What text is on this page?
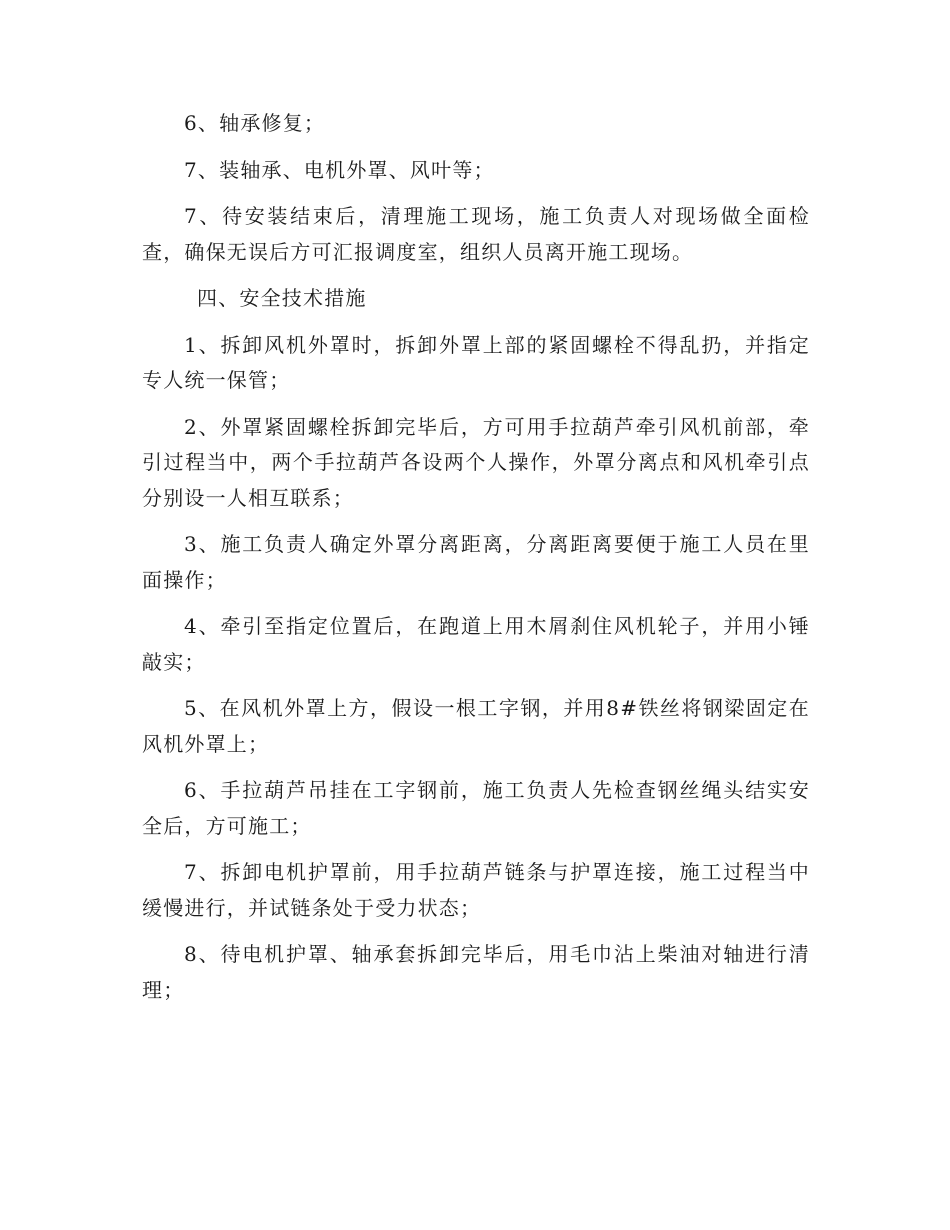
6、轴承修复；

7、装轴承、电机外罩、风叶等；

7、待安装结束后，清理施工现场，施工负责人对现场做全面检查，确保无误后方可汇报调度室，组织人员离开施工现场。

四、安全技术措施

1、拆卸风机外罩时，拆卸外罩上部的紧固螺栓不得乱扔，并指定专人统一保管；

2、外罩紧固螺栓拆卸完毕后，方可用手拉葫芦牵引风机前部，牵引过程当中，两个手拉葫芦各设两个人操作，外罩分离点和风机牵引点分别设一人相互联系；

3、施工负责人确定外罩分离距离，分离距离要便于施工人员在里面操作；

4、牵引至指定位置后，在跑道上用木屑刹住风机轮子，并用小锤敲实；

5、在风机外罩上方，假设一根工字钢，并用8#铁丝将钢梁固定在风机外罩上；

6、手拉葫芦吊挂在工字钢前，施工负责人先检查钢丝绳头结实安全后，方可施工；

7、拆卸电机护罩前，用手拉葫芦链条与护罩连接，施工过程当中缓慢进行，并试链条处于受力状态；

8、待电机护罩、轴承套拆卸完毕后，用毛巾沾上柴油对轴进行清理；
